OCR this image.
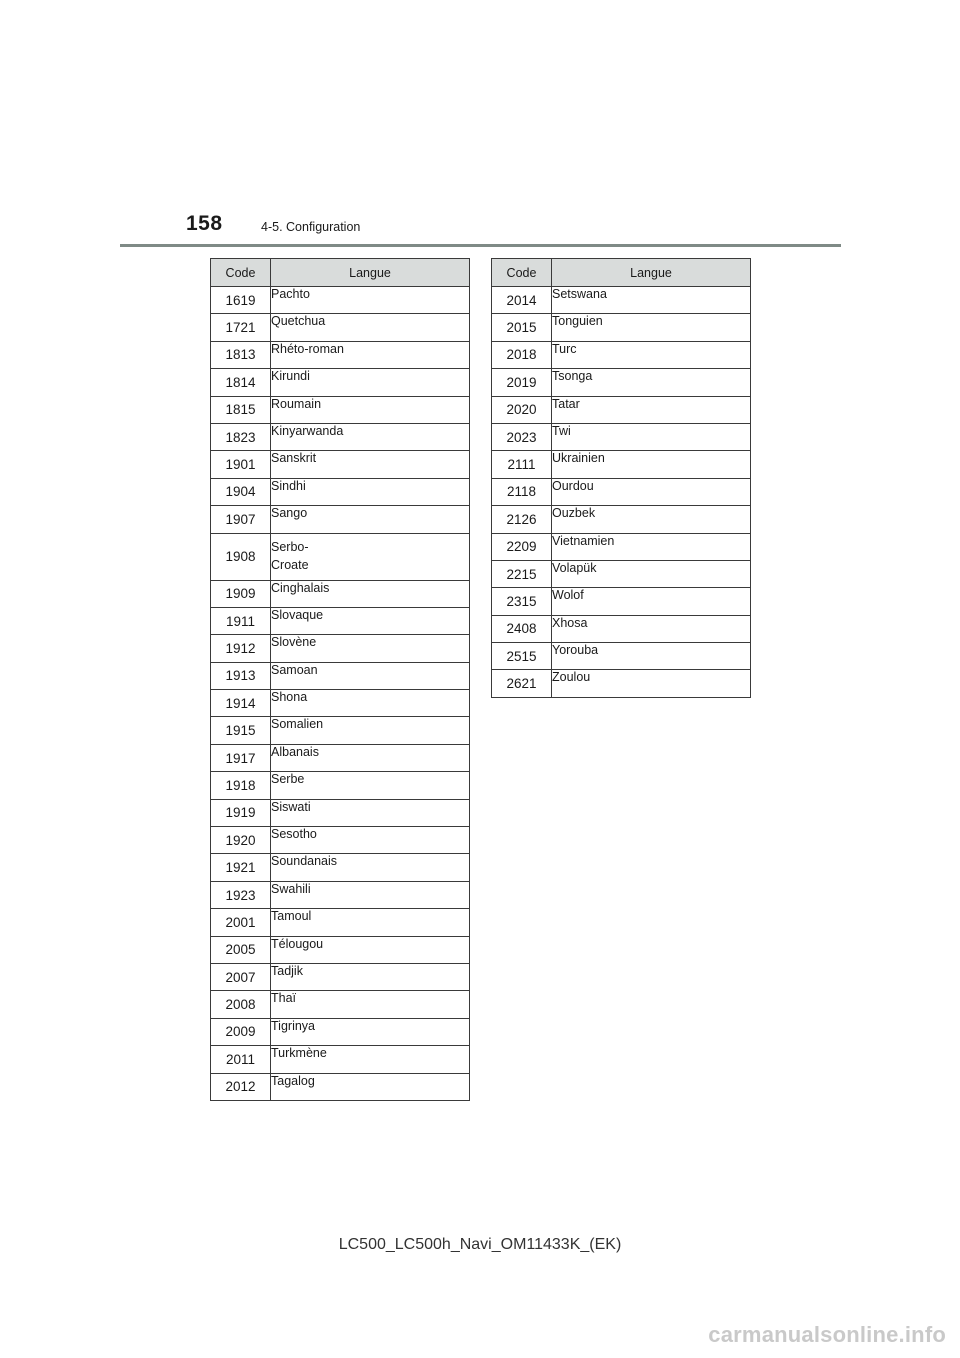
158	4-5. Configuration
Code	Langue
1619	Pachto
1721	Quetchua
1813	Rhéto-roman
1814	Kirundi
1815	Roumain
1823	Kinyarwanda
1901	Sanskrit
1904	Sindhi
1907	Sango
1908	Serbo-
Croate
1909	Cinghalais
1911	Slovaque
1912	Slovène
1913	Samoan
1914	Shona
1915	Somalien
1917	Albanais
1918	Serbe
1919	Siswati
1920	Sesotho
1921	Soundanais
1923	Swahili
2001	Tamoul
2005	Télougou
2007	Tadjik
2008	Thaï
2009	Tigrinya
2011	Turkmène
2012	Tagalog
Code	Langue
2014	Setswana
2015	Tonguien
2018	Turc
2019	Tsonga
2020	Tatar
2023	Twi
2111	Ukrainien
2118	Ourdou
2126	Ouzbek
2209	Vietnamien
2215	Volapük
2315	Wolof
2408	Xhosa
2515	Yorouba
2621	Zoulou
LC500_LC500h_Navi_OM11433K_(EK)
carmanualsonline.info
